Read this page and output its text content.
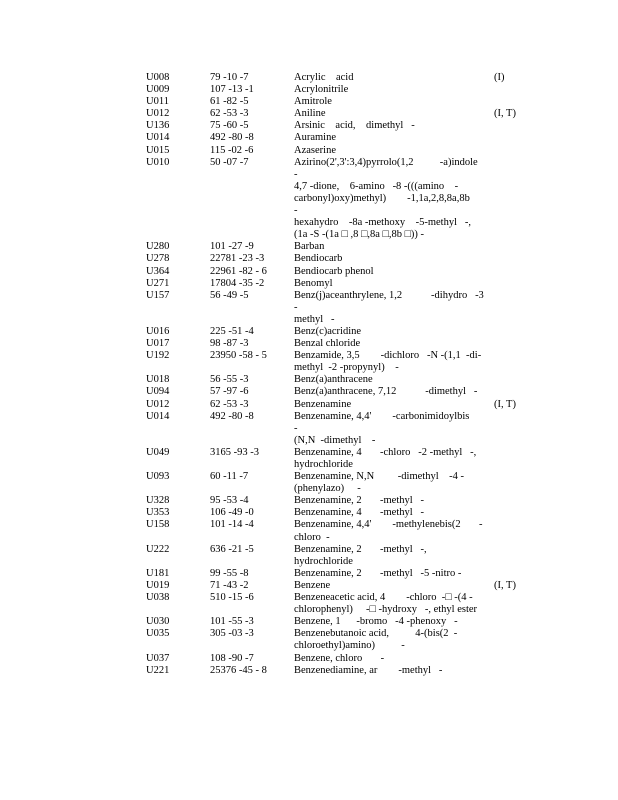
U008	79 -10 -7	Acrylic    acid	(I)
U009	107 -13 -1	Acrylonitrile
U011	61 -82 -5	Amitrole
U012	62 -53 -3	Aniline	(I, T)
U136	75 -60 -5	Arsinic    acid,    dimethyl   -
U014	492 -80 -8	Auramine
U015	115 -02 -6	Azaserine
U010	50 -07 -7	Azirino(2',3':3,4)pyrrolo(1,2          -a)indole   -
4,7 -dione,    6-amino   -8 -(((amino    -
carbonyl)oxy)methyl)        -1,1a,2,8,8a,8b       -
hexahydro    -8a -methoxy    -5-methyl   -,
(1a -S -(1a □ ,8 □,8a □,8b □)) -
U280	101 -27 -9	Barban
U278	22781 -23 -3	Bendiocarb
U364	22961 -82 - 6	Bendiocarb phenol
U271	17804 -35 -2	Benomyl
U157	56 -49 -5	Benz(j)aceanthrylene, 1,2           -dihydro   -3 -
methyl   -
U016	225 -51 -4	Benz(c)acridine
U017	98 -87 -3	Benzal chloride
U192	23950 -58 - 5	Benzamide, 3,5        -dichloro   -N -(1,1  -di-
methyl  -2 -propynyl)    -
U018	56 -55 -3	Benz(a)anthracene
U094	57 -97 -6	Benz(a)anthracene, 7,12           -dimethyl   -
U012	62 -53 -3	Benzenamine	(I, T)
U014	492 -80 -8	Benzenamine, 4,4'        -carbonimidoylbis      -
(N,N  -dimethyl    -
U049	3165 -93 -3	Benzenamine, 4       -chloro   -2 -methyl   -,
hydrochloride
U093	60 -11 -7	Benzenamine, N,N         -dimethyl    -4 -
(phenylazo)     -
U328	95 -53 -4	Benzenamine, 2       -methyl   -
U353	106 -49 -0	Benzenamine, 4       -methyl   -
U158	101 -14 -4	Benzenamine, 4,4'        -methylenebis(2       -
chloro  -
U222	636 -21 -5	Benzenamine, 2       -methyl   -,
hydrochloride
U181	99 -55 -8	Benzenamine, 2       -methyl   -5 -nitro -
U019	71 -43 -2	Benzene	(I, T)
U038	510 -15 -6	Benzeneacetic acid, 4        -chloro  -□ -(4 -
chlorophenyl)     -□ -hydroxy   -, ethyl ester
U030	101 -55 -3	Benzene, 1      -bromo   -4 -phenoxy   -
U035	305 -03 -3	Benzenebutanoic acid,          4-(bis(2  -
chloroethyl)amino)          -
U037	108 -90 -7	Benzene, chloro       -
U221	25376 -45 - 8	Benzenediamine, ar        -methyl   -
